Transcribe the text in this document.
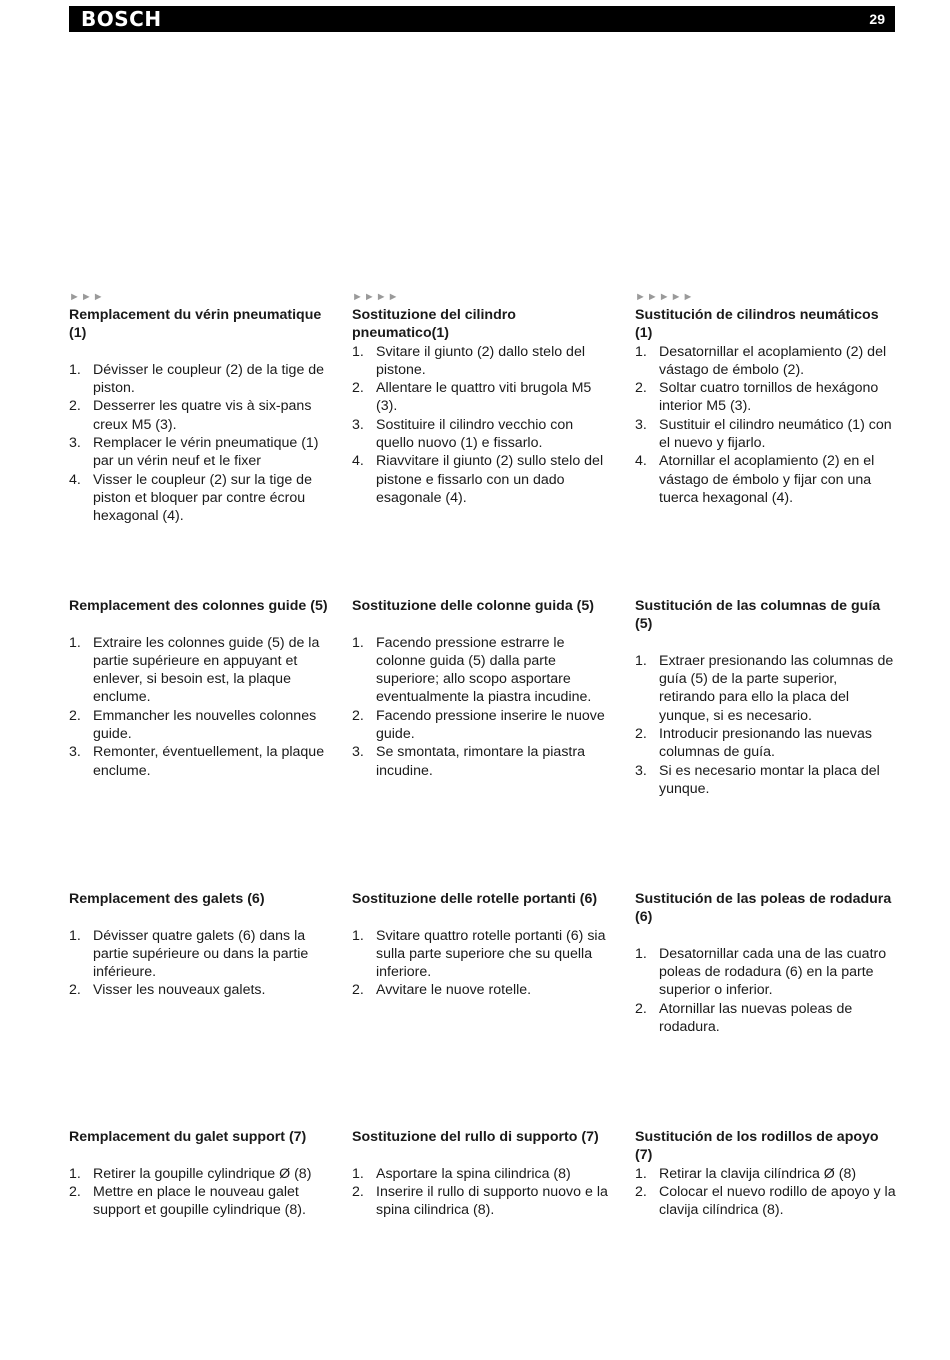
BOSCH	29
►►►
Remplacement du vérin pneumatique (1)
1. Dévisser le coupleur (2) de la tige de piston.
2. Desserrer les quatre vis à six-pans creux M5 (3).
3. Remplacer le vérin pneumatique (1) par un vérin neuf et le fixer
4. Visser le coupleur (2) sur la tige de piston et bloquer par contre écrou hexagonal (4).
►►►►
Sostituzione del cilindro pneumatico(1)
1. Svitare il giunto (2) dallo stelo del pistone.
2. Allentare le quattro viti brugola M5 (3).
3. Sostituire il cilindro vecchio con quello nuovo (1) e fissarlo.
4. Riavvitare il giunto (2) sullo stelo del pistone e fissarlo con un dado esagonale (4).
►►►►►
Sustitución de cilindros neumáticos (1)
1. Desatornillar el acoplamiento (2) del vástago de émbolo (2).
2. Soltar cuatro tornillos de hexágono interior M5 (3).
3. Sustituir el cilindro neumático (1) con el nuevo y fijarlo.
4. Atornillar el acoplamiento (2) en el vástago de émbolo y fijar con una tuerca hexagonal (4).
Remplacement des colonnes guide (5)
1. Extraire les colonnes guide (5) de la partie supérieure en appuyant et enlever, si besoin est, la plaque enclume.
2. Emmancher les nouvelles colonnes guide.
3. Remonter, éventuellement, la plaque enclume.
Sostituzione delle colonne guida (5)
1. Facendo pressione estrarre le colonne guida (5) dalla parte superiore; allo scopo asportare eventualmente la piastra incudine.
2. Facendo pressione inserire le nuove guide.
3. Se smontata, rimontare la piastra incudine.
Sustitución de las columnas de guía (5)
1. Extraer presionando las columnas de guía (5) de la parte superior, retirando para ello la placa del yunque, si es necesario.
2. Introducir presionando las nuevas columnas de guía.
3. Si es necesario montar la placa del yunque.
Remplacement des galets (6)
1. Dévisser quatre galets (6) dans la partie supérieure ou dans la partie inférieure.
2. Visser les nouveaux galets.
Sostituzione delle rotelle portanti (6)
1. Svitare quattro rotelle portanti (6) sia sulla parte superiore che su quella inferiore.
2. Avvitare le nuove rotelle.
Sustitución de las poleas de rodadura (6)
1. Desatornillar cada una de las cuatro poleas de rodadura (6) en la parte superior o inferior.
2. Atornillar las nuevas poleas de rodadura.
Remplacement du galet support (7)
1. Retirer la goupille cylindrique Ø (8)
2. Mettre en place le nouveau galet support et goupille cylindrique (8).
Sostituzione del rullo di supporto (7)
1. Asportare la spina cilindrica (8)
2. Inserire il rullo di supporto nuovo e la spina cilindrica (8).
Sustitución de los rodillos de apoyo (7)
1. Retirar la clavija cilíndrica Ø (8)
2. Colocar el nuevo rodillo de apoyo y la clavija cilíndrica (8).
